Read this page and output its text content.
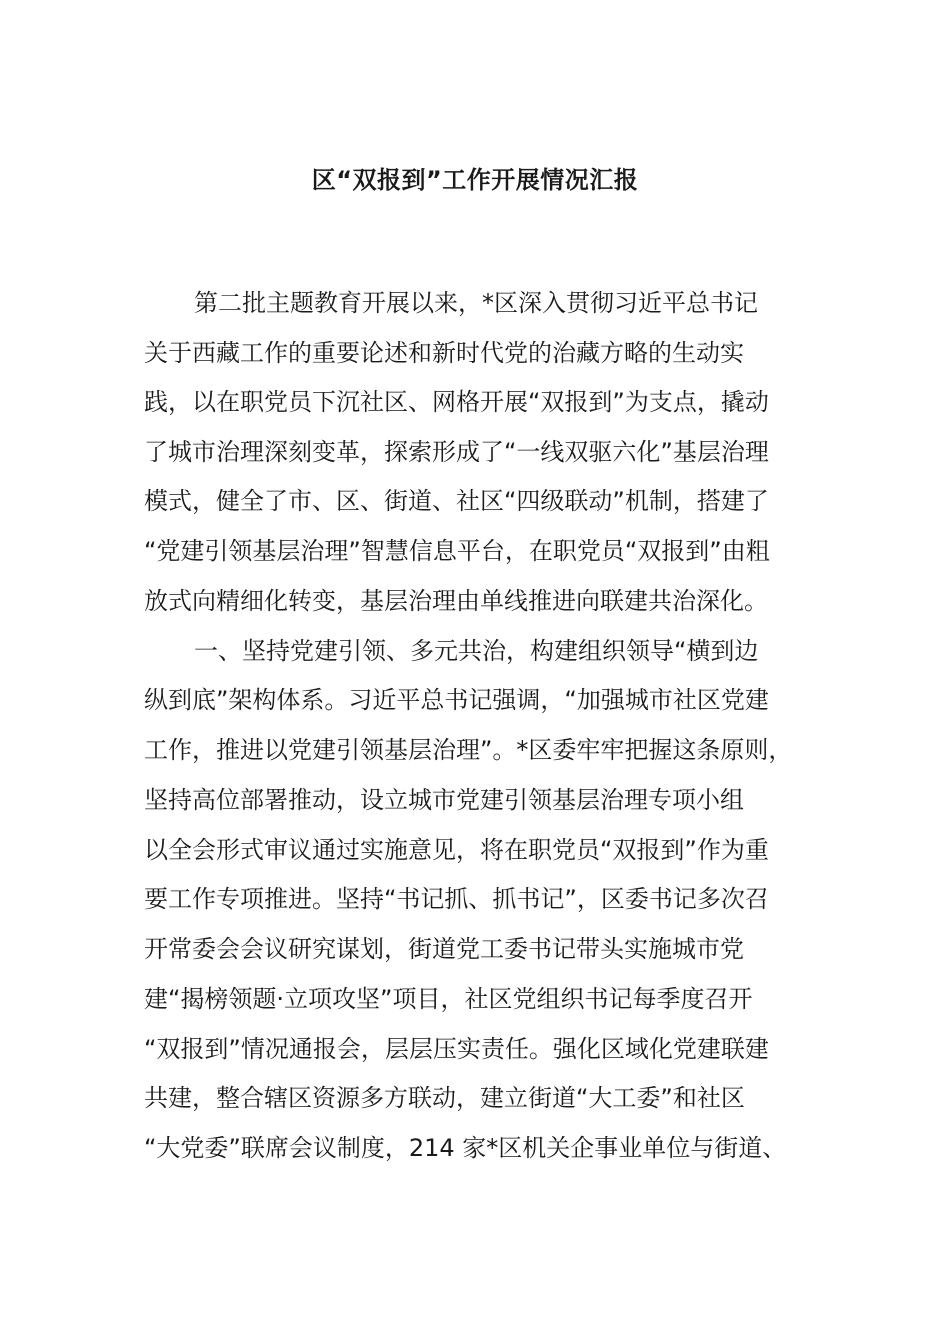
区“双报到”工作开展情况汇报

第二批主题教育开展以来，*区深入贯彻习近平总书记

关于西藏工作的重要论述和新时代党的治藏方略的生动实

践，以在职党员下沉社区、网格开展“双报到”为支点，撬动

了城市治理深刻变革，探索形成了“一线双驱六化”基层治理

模式，健全了市、区、街道、社区“四级联动”机制，搭建了

“党建引领基层治理”智慧信息平台，在职党员“双报到”由粗

放式向精细化转变，基层治理由单线推进向联建共治深化。

一、坚持党建引领、多元共治，构建组织领导“横到边

纵到底”架构体系。习近平总书记强调，“加强城市社区党建

工作，推进以党建引领基层治理”。*区委牢牢把握这条原则，

坚持高位部署推动，设立城市党建引领基层治理专项小组

以全会形式审议通过实施意见，将在职党员“双报到”作为重

要工作专项推进。坚持“书记抓、抓书记”，区委书记多次召

开常委会会议研究谋划，街道党工委书记带头实施城市党

建“揭榜领题·立项攻坚”项目，社区党组织书记每季度召开

“双报到”情况通报会，层层压实责任。强化区域化党建联建

共建，整合辖区资源多方联动，建立街道“大工委”和社区

“大党委”联席会议制度，214 家*区机关企事业单位与街道、
